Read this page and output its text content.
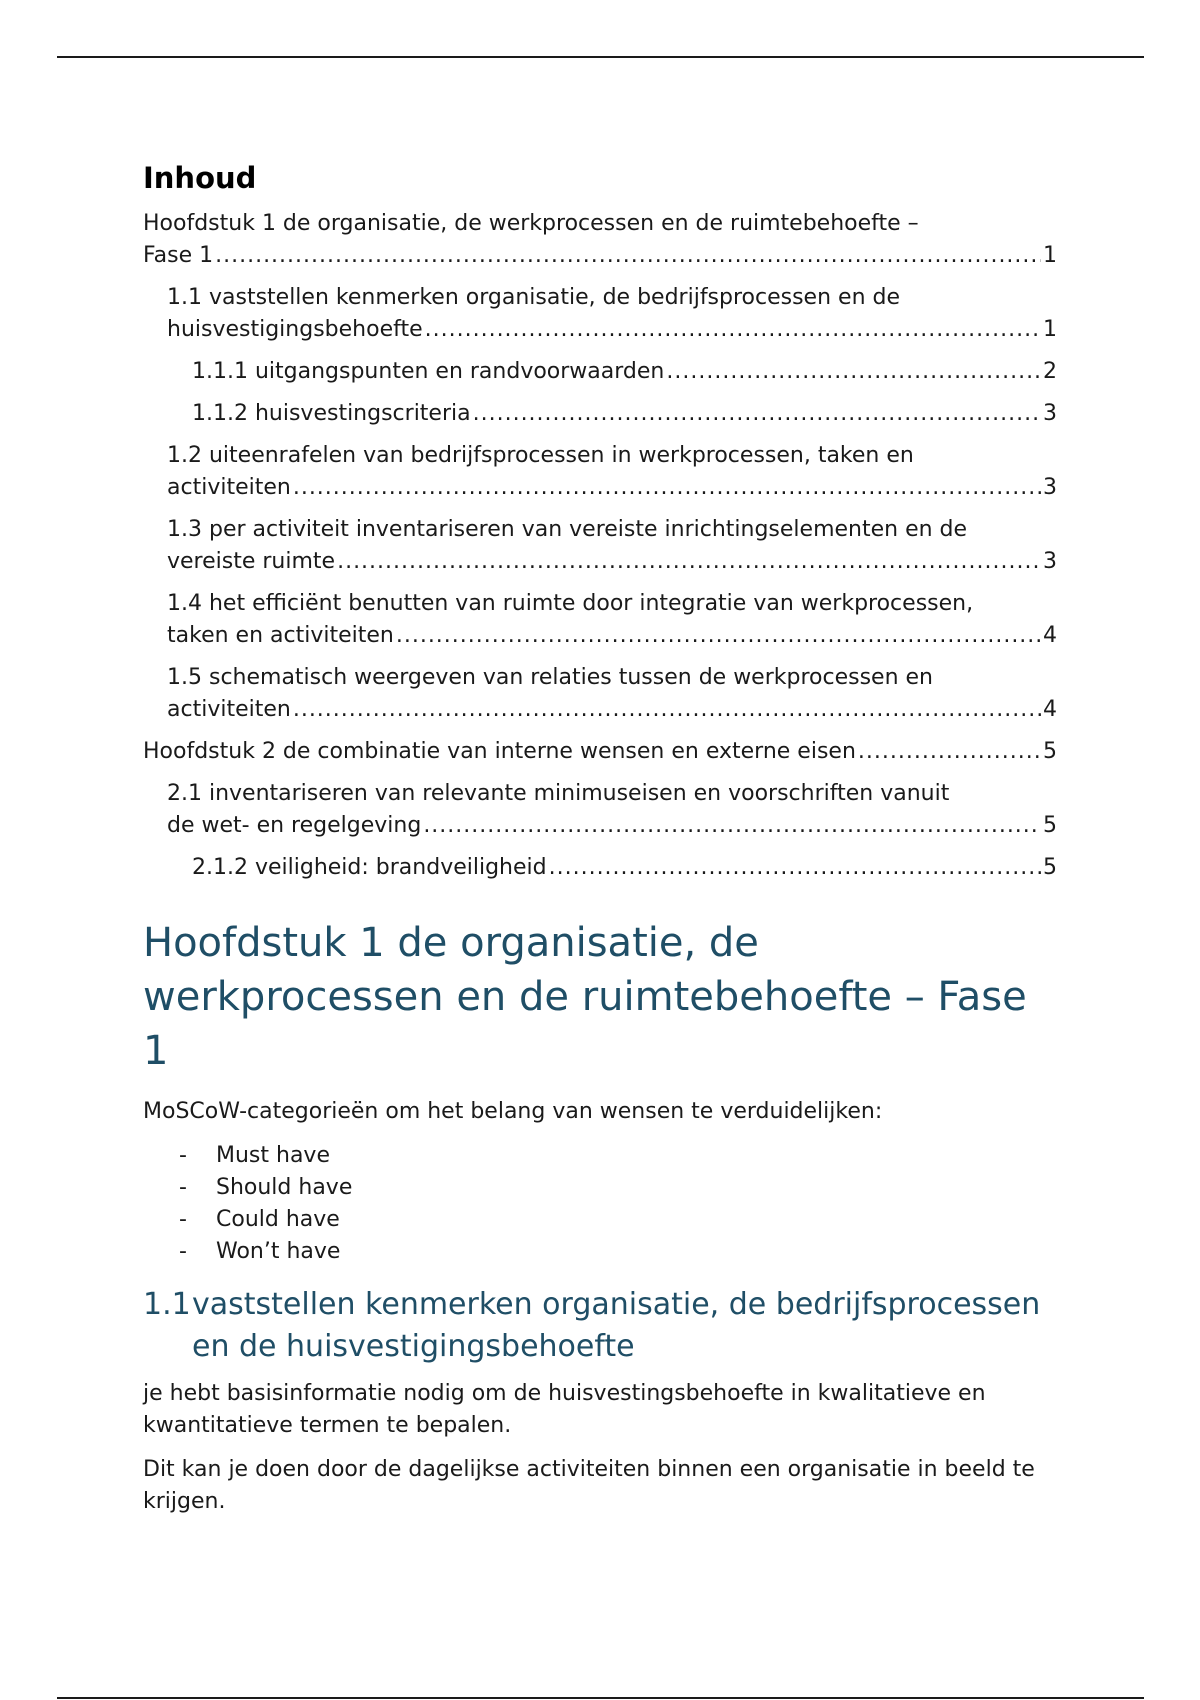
Inhoud
Hoofdstuk 1 de organisatie, de werkprocessen en de ruimtebehoefte –
Fase 1 .....	1
1.1 vaststellen kenmerken organisatie, de bedrijfsprocessen en de
huisvestigingsbehoefte .....	1
1.1.1 uitgangspunten en randvoorwaarden .....	2
1.1.2 huisvestingscriteria .....	3
1.2 uiteenrafelen van bedrijfsprocessen in werkprocessen, taken en
activiteiten .....	3
1.3 per activiteit inventariseren van vereiste inrichtingselementen en de
vereiste ruimte .....	3
1.4 het efficiënt benutten van ruimte door integratie van werkprocessen,
taken en activiteiten .....	4
1.5 schematisch weergeven van relaties tussen de werkprocessen en
activiteiten .....	4
Hoofdstuk 2 de combinatie van interne wensen en externe eisen .....	5
2.1 inventariseren van relevante minimuseisen en voorschriften vanuit
de wet- en regelgeving .....	5
2.1.2 veiligheid: brandveiligheid .....	5
Hoofdstuk 1 de organisatie, de werkprocessen en de ruimtebehoefte – Fase 1

MoSCoW-categorieën om het belang van wensen te verduidelijken:

- Must have
- Should have
- Could have
- Won’t have
1.1 vaststellen kenmerken organisatie, de bedrijfsprocessen en de huisvestigingsbehoefte

je hebt basisinformatie nodig om de huisvestingsbehoefte in kwalitatieve en kwantitatieve termen te bepalen.

Dit kan je doen door de dagelijkse activiteiten binnen een organisatie in beeld te krijgen.
